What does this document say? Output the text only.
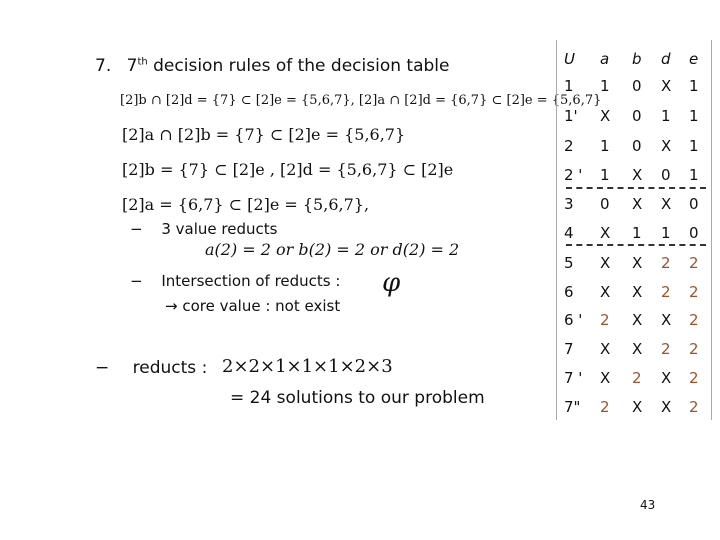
7. 7th decision rules of the decision table
[2]b ∩ [2]d = {7} ⊂ [2]e = {5,6,7}, [2]a ∩ [2]d = {6,7} ⊂ [2]e = {5,6,7}
[2]a ∩ [2]b = {7} ⊂ [2]e = {5,6,7}
[2]b = {7} ⊂ [2]e , [2]d = {5,6,7} ⊂ [2]e
[2]a = {6,7} ⊂ [2]e = {5,6,7},
− 3 value reducts
a(2) = 2 or b(2) = 2 or d(2) = 2
− Intersection of reducts : φ
→ core value : not exist
− reducts : 2×2×1×1×1×2×3
= 24 solutions to our problem
U a b d e
1 1 0 X 1
1' X 0 1 1
2 1 0 X 1
2 ' 1 X 0 1
3 0 X X 0
4 X 1 1 0
5 X X 2 2
6 X X 2 2
6 ' 2 X X 2
7 X X 2 2
7 ' X 2 X 2
7" 2 X X 2
43
